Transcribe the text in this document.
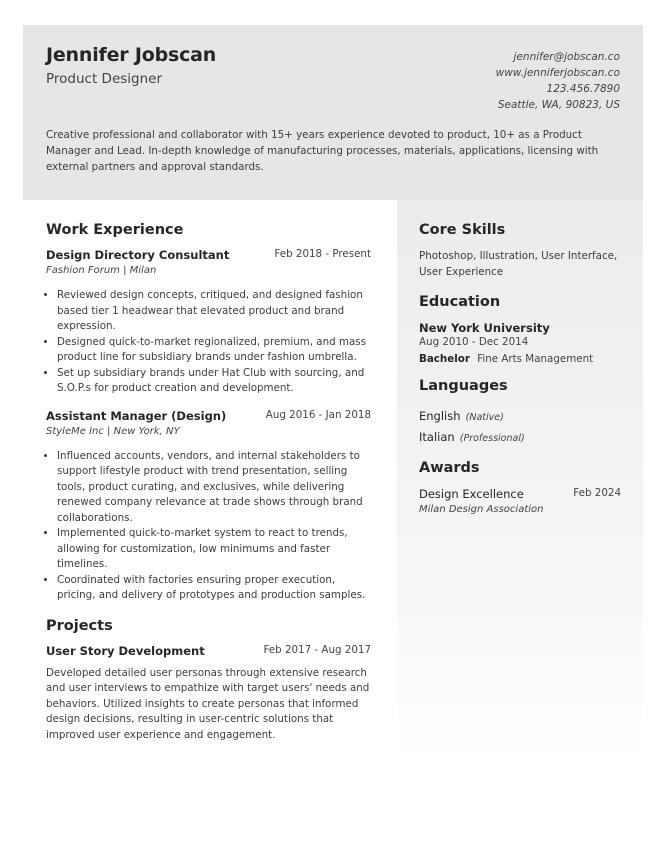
Jennifer Jobscan
Product Designer
jennifer@jobscan.co
www.jenniferjobscan.co
123.456.7890
Seattle, WA, 90823, US
Creative professional and collaborator with 15+ years experience devoted to product, 10+ as a Product Manager and Lead. In-depth knowledge of manufacturing processes, materials, applications, licensing with external partners and approval standards.
Work Experience
Design Directory Consultant	Feb 2018 - Present
Fashion Forum | Milan
• Reviewed design concepts, critiqued, and designed fashion based tier 1 headwear that elevated product and brand expression.
• Designed quick-to-market regionalized, premium, and mass product line for subsidiary brands under fashion umbrella.
• Set up subsidiary brands under Hat Club with sourcing, and S.O.P.s for product creation and development.
Assistant Manager (Design)	Aug 2016 - Jan 2018
StyleMe Inc | New York, NY
• Influenced accounts, vendors, and internal stakeholders to support lifestyle product with trend presentation, selling tools, product curating, and exclusives, while delivering renewed company relevance at trade shows through brand collaborations.
• Implemented quick-to-market system to react to trends, allowing for customization, low minimums and faster timelines.
• Coordinated with factories ensuring proper execution, pricing, and delivery of prototypes and production samples.
Projects
User Story Development	Feb 2017 - Aug 2017
Developed detailed user personas through extensive research and user interviews to empathize with target users' needs and behaviors. Utilized insights to create personas that informed design decisions, resulting in user-centric solutions that improved user experience and engagement.
Core Skills
Photoshop, Illustration, User Interface, User Experience
Education
New York University
Aug 2010 - Dec 2014
Bachelor Fine Arts Management
Languages
English (Native)
Italian (Professional)
Awards
Design Excellence	Feb 2024
Milan Design Association
